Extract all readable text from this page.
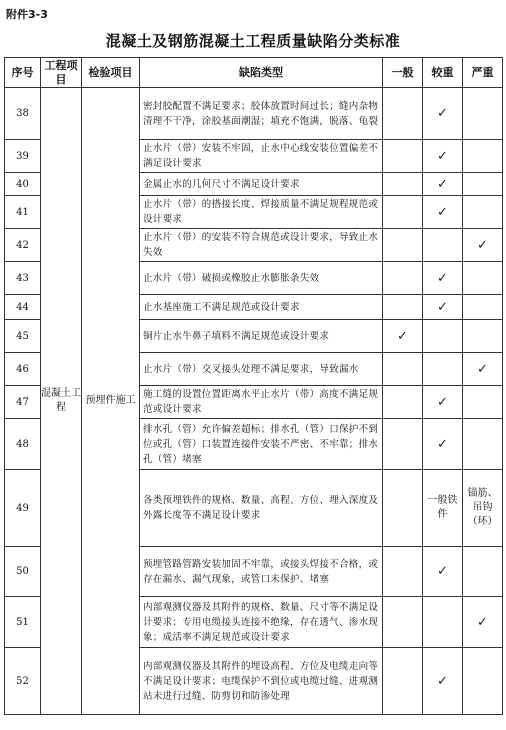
附件3-3
混凝土及钢筋混凝土工程质量缺陷分类标准
序号	工程项目	检验项目	缺陷类型	一般	较重	严重
38	混凝土工程	预埋件施工	密封胶配置不满足要求；胶体放置时间过长；缝内杂物清理不干净，涂胶基面潮湿；填充不饱满，脱落、龟裂		✓	
39			止水片（带）安装不牢固，止水中心线安装位置偏差不满足设计要求		✓	
40			金属止水的几何尺寸不满足设计要求		✓	
41			止水片（带）的搭接长度、焊接质量不满足规程规范或设计要求		✓	
42			止水片（带）的安装不符合规范或设计要求，导致止水失效			✓
43			止水片（带）破损或橡胶止水膨胀条失效		✓	
44			止水基座施工不满足规范或设计要求		✓	
45			铜片止水牛鼻子填料不满足规范或设计要求	✓		
46			止水片（带）交叉接头处理不满足要求，导致漏水			✓
47			施工缝的设置位置距离水平止水片（带）高度不满足规范或设计要求		✓	
48			排水孔（管）允许偏差超标；排水孔（管）口保护不到位或孔（管）口装置连接件安装不严密、不牢靠；排水孔（管）堵塞		✓	
49			各类预埋铁件的规格、数量、高程、方位、埋入深度及外露长度等不满足设计要求		一般铁件	锚筋、吊钩（环）
50			预埋管路管路安装加固不牢靠，或接头焊接不合格，或存在漏水、漏气现象，或管口未保护、堵塞		✓	
51			内部观测仪器及其附件的规格、数量、尺寸等不满足设计要求；专用电缆接头连接不绝缘，存在透气、渗水现象；成活率不满足规范或设计要求			✓
52			内部观测仪器及其附件的埋设高程、方位及电缆走向等不满足设计要求；电缆保护不到位或电缆过缝、进观测站未进行过缝、防剪切和防渗处理		✓	
